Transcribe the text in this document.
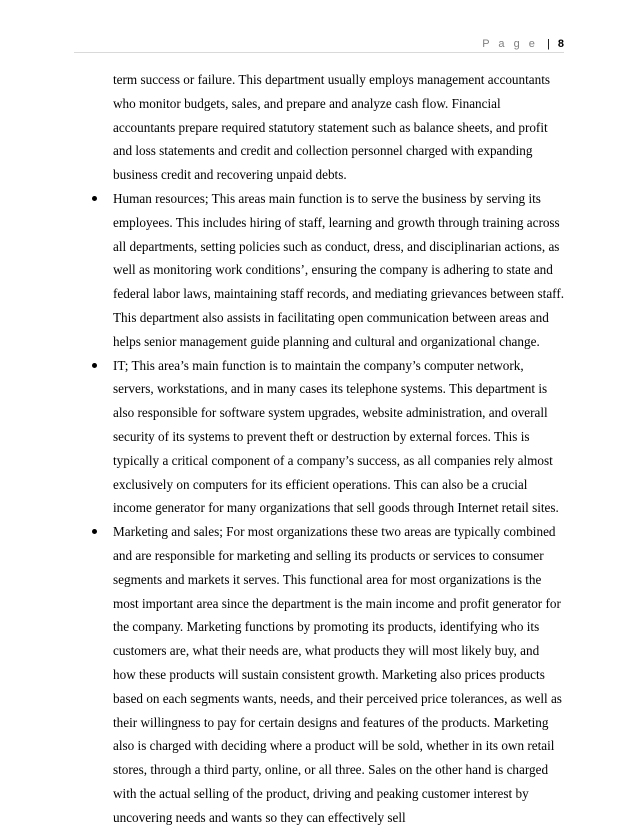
P a g e | 8

term success or failure. This department usually employs management accountants who monitor budgets, sales, and prepare and analyze cash flow. Financial accountants prepare required statutory statement such as balance sheets, and profit and loss statements and credit and collection personnel charged with expanding business credit and recovering unpaid debts.

Human resources; This areas main function is to serve the business by serving its employees. This includes hiring of staff, learning and growth through training across all departments, setting policies such as conduct, dress, and disciplinarian actions, as well as monitoring work conditions’, ensuring the company is adhering to state and federal labor laws, maintaining staff records, and mediating grievances between staff. This department also assists in facilitating open communication between areas and helps senior management guide planning and cultural and organizational change.

IT; This area’s main function is to maintain the company’s computer network, servers, workstations, and in many cases its telephone systems. This department is also responsible for software system upgrades, website administration, and overall security of its systems to prevent theft or destruction by external forces. This is typically a critical component of a company’s success, as all companies rely almost exclusively on computers for its efficient operations. This can also be a crucial income generator for many organizations that sell goods through Internet retail sites.

Marketing and sales; For most organizations these two areas are typically combined and are responsible for marketing and selling its products or services to consumer segments and markets it serves. This functional area for most organizations is the most important area since the department is the main income and profit generator for the company. Marketing functions by promoting its products, identifying who its customers are, what their needs are, what products they will most likely buy, and how these products will sustain consistent growth. Marketing also prices products based on each segments wants, needs, and their perceived price tolerances, as well as their willingness to pay for certain designs and features of the products. Marketing also is charged with deciding where a product will be sold, whether in its own retail stores, through a third party, online, or all three. Sales on the other hand is charged with the actual selling of the product, driving and peaking customer interest by uncovering needs and wants so they can effectively sell
